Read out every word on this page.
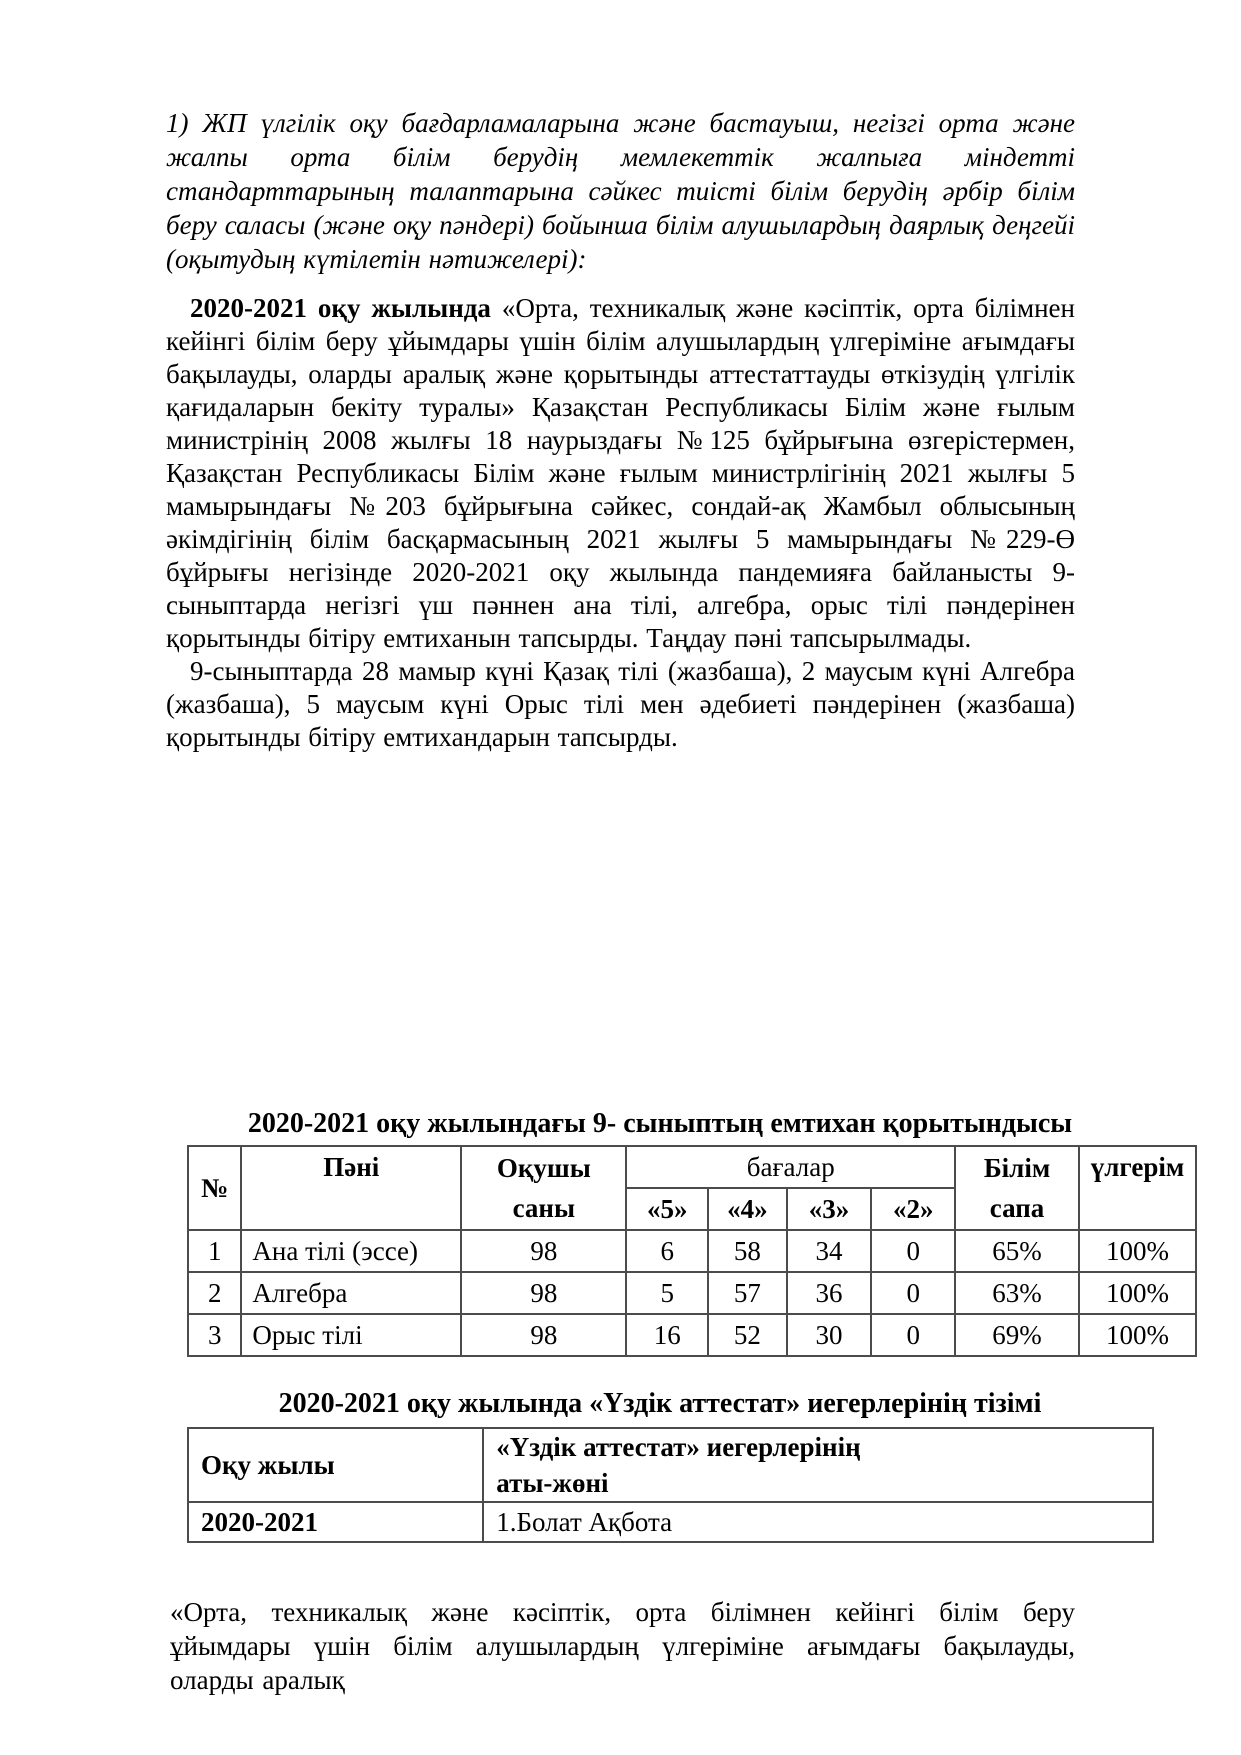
1) ЖП үлгілік оқу бағдарламаларына және бастауыш, негізгі орта және жалпы орта білім берудің мемлекеттік жалпыға міндетті стандарттарының талаптарына сәйкес тиісті білім берудің әрбір білім беру саласы (және оқу пәндері) бойынша білім алушылардың даярлық деңгейі (оқытудың күтілетін нәтижелері):

2020-2021 оқу жылында «Орта, техникалық және кәсіптік, орта білімнен кейінгі білім беру ұйымдары үшін білім алушылардың үлгеріміне ағымдағы бақылауды, оларды аралық және қорытынды аттестаттауды өткізудің үлгілік қағидаларын бекіту туралы» Қазақстан Республикасы Білім және ғылым министрінің 2008 жылғы 18 наурыздағы №125 бұйрығына өзгерістермен, Қазақстан Республикасы Білім және ғылым министрлігінің 2021 жылғы 5 мамырындағы №203 бұйрығына сәйкес, сондай-ақ Жамбыл облысының әкімдігінің білім басқармасының 2021 жылғы 5 мамырындағы №229-Ө бұйрығы негізінде 2020-2021 оқу жылында пандемияға байланысты 9- сыныптарда негізгі үш пәннен ана тілі, алгебра, орыс тілі пәндерінен қорытынды бітіру емтиханын тапсырды. Таңдау пәні тапсырылмады.

9-сыныптарда 28 мамыр күні Қазақ тілі (жазбаша), 2 маусым күні Алгебра (жазбаша), 5 маусым күні Орыс тілі мен әдебиеті пәндерінен (жазбаша) қорытынды бітіру емтихандарын тапсырды.

2020-2021 оқу жылындағы 9- сыныптың емтихан қорытындысы
№	Пәні	Оқушы саны	бағалар				Білім сапа	үлгерім
			«5»	«4»	«3»	«2»		
1	Ана тілі (эссе)	98	6	58	34	0	65%	100%
2	Алгебра	98	5	57	36	0	63%	100%
3	Орыс тілі	98	16	52	30	0	69%	100%
2020-2021 оқу жылында «Үздік аттестат» иегерлерінің тізімі
Оқу жылы	«Үздік аттестат» иегерлерінің
аты-жөні

2020-2021	1.Болат Ақбота

«Орта, техникалық және кәсіптік, орта білімнен кейінгі білім беру ұйымдары үшін білім алушылардың үлгеріміне ағымдағы бақылауды, оларды аралық
